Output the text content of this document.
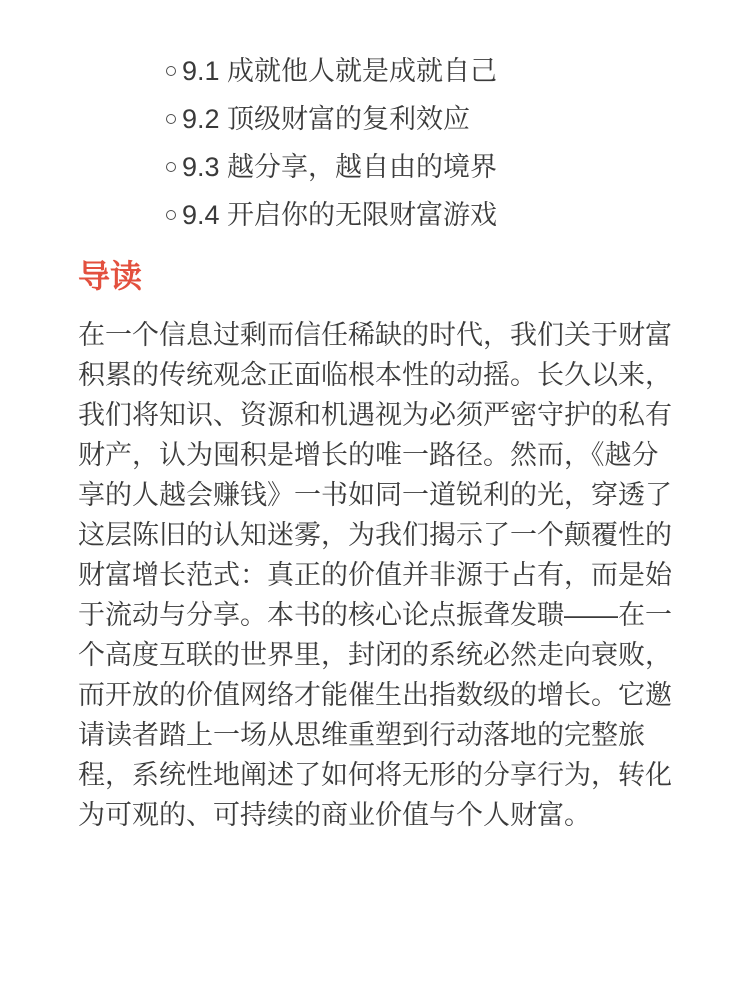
9.1 成就他人就是成就自己
9.2 顶级财富的复利效应
9.3 越分享，越自由的境界
9.4 开启你的无限财富游戏
导读

在一个信息过剩而信任稀缺的时代，我们关于财富积累的传统观念正面临根本性的动摇。长久以来，我们将知识、资源和机遇视为必须严密守护的私有财产，认为囤积是增长的唯一路径。然而，《越分享的人越会赚钱》一书如同一道锐利的光，穿透了这层陈旧的认知迷雾，为我们揭示了一个颠覆性的财富增长范式：真正的价值并非源于占有，而是始于流动与分享。本书的核心论点振聋发聩——在一个高度互联的世界里，封闭的系统必然走向衰败，而开放的价值网络才能催生出指数级的增长。它邀请读者踏上一场从思维重塑到行动落地的完整旅程，系统性地阐述了如何将无形的分享行为，转化为可观的、可持续的商业价值与个人财富。
